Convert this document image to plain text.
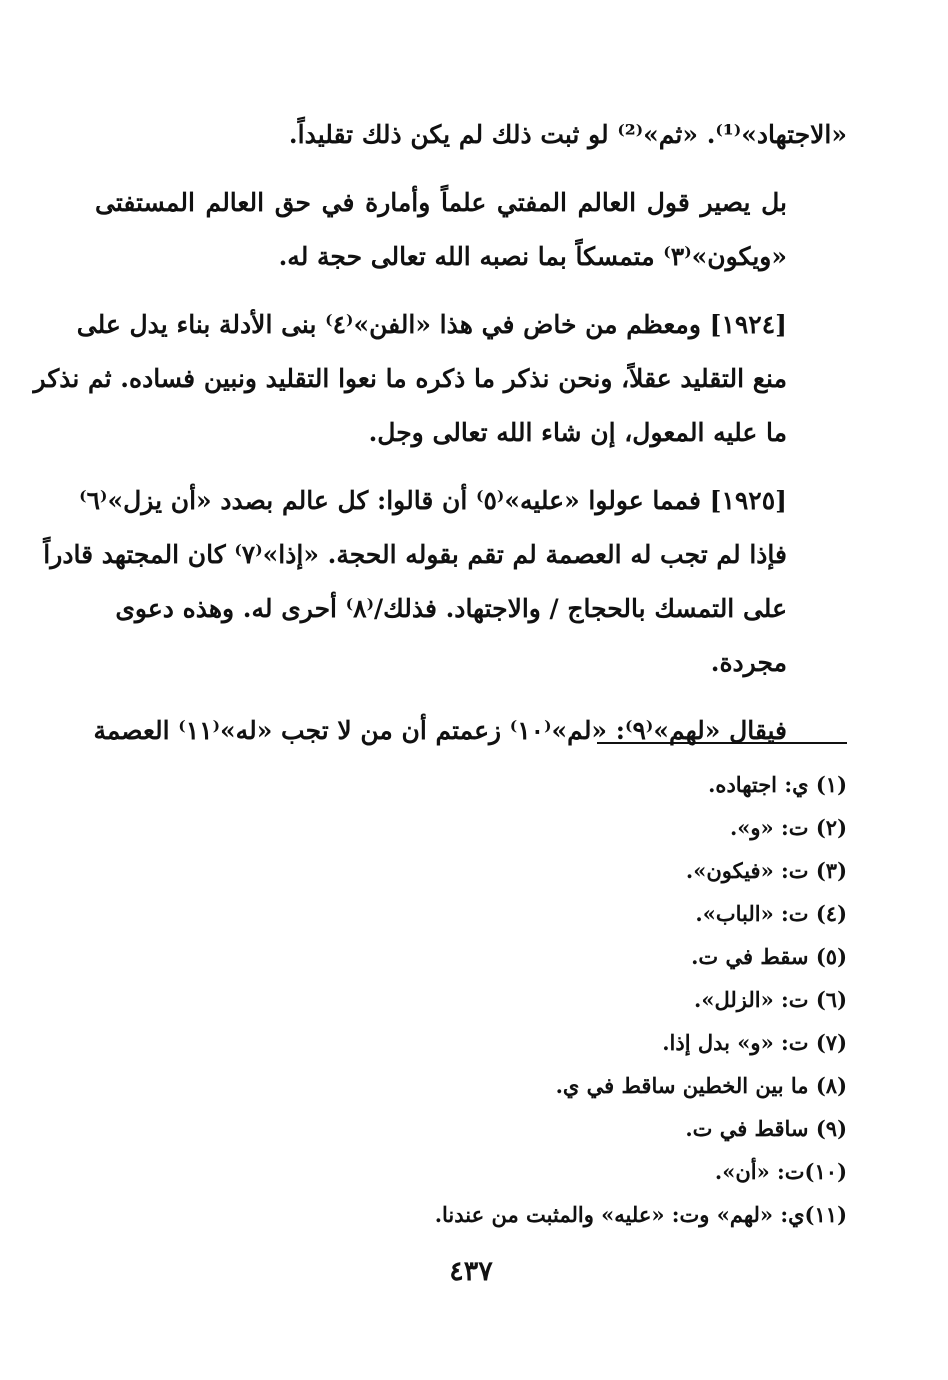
«الاجتهاد»⁽¹⁾. «ثم»⁽²⁾ لو ثبت ذلك لم يكن ذلك تقليداً.
بل يصير قول العالم المفتي علماً وأمارة في حق العالم المستفتى
«ويكون»⁽٣⁾ متمسكاً بما نصبه الله تعالى حجة له.
[١٩٢٤] ومعظم من خاض في هذا «الفن»⁽٤⁾ بنى الأدلة بناء يدل على
منع التقليد عقلاً، ونحن نذكر ما ذكره ما نعوا التقليد ونبين فساده. ثم نذكر
ما عليه المعول، إن شاء الله تعالى وجل.
[١٩٢٥] فمما عولوا «عليه»⁽٥⁾ أن قالوا: كل عالم بصدد «أن يزل»⁽٦⁾
فإذا لم تجب له العصمة لم تقم بقوله الحجة. «إذا»⁽٧⁾ كان المجتهد قادراً
على التمسك بالحجاج / والاجتهاد. فذلك/⁽٨⁾ أحرى له. وهذه دعوى
مجردة.
فيقال «لهم»⁽٩⁾: «لم»⁽١٠⁾ زعمتم أن من لا تجب «له»⁽١١⁾ العصمة
(١) ي: اجتهاده.
(٢) ت: «و».
(٣) ت: «فيكون».
(٤) ت: «الباب».
(٥) سقط في ت.
(٦) ت: «الزلل».
(٧) ت: «و» بدل إذا.
(٨) ما بين الخطين ساقط في ي.
(٩) ساقط في ت.
(١٠)ت: «أن».
(١١)ي: «لهم» وت: «عليه» والمثبت من عندنا.
٤٣٧
